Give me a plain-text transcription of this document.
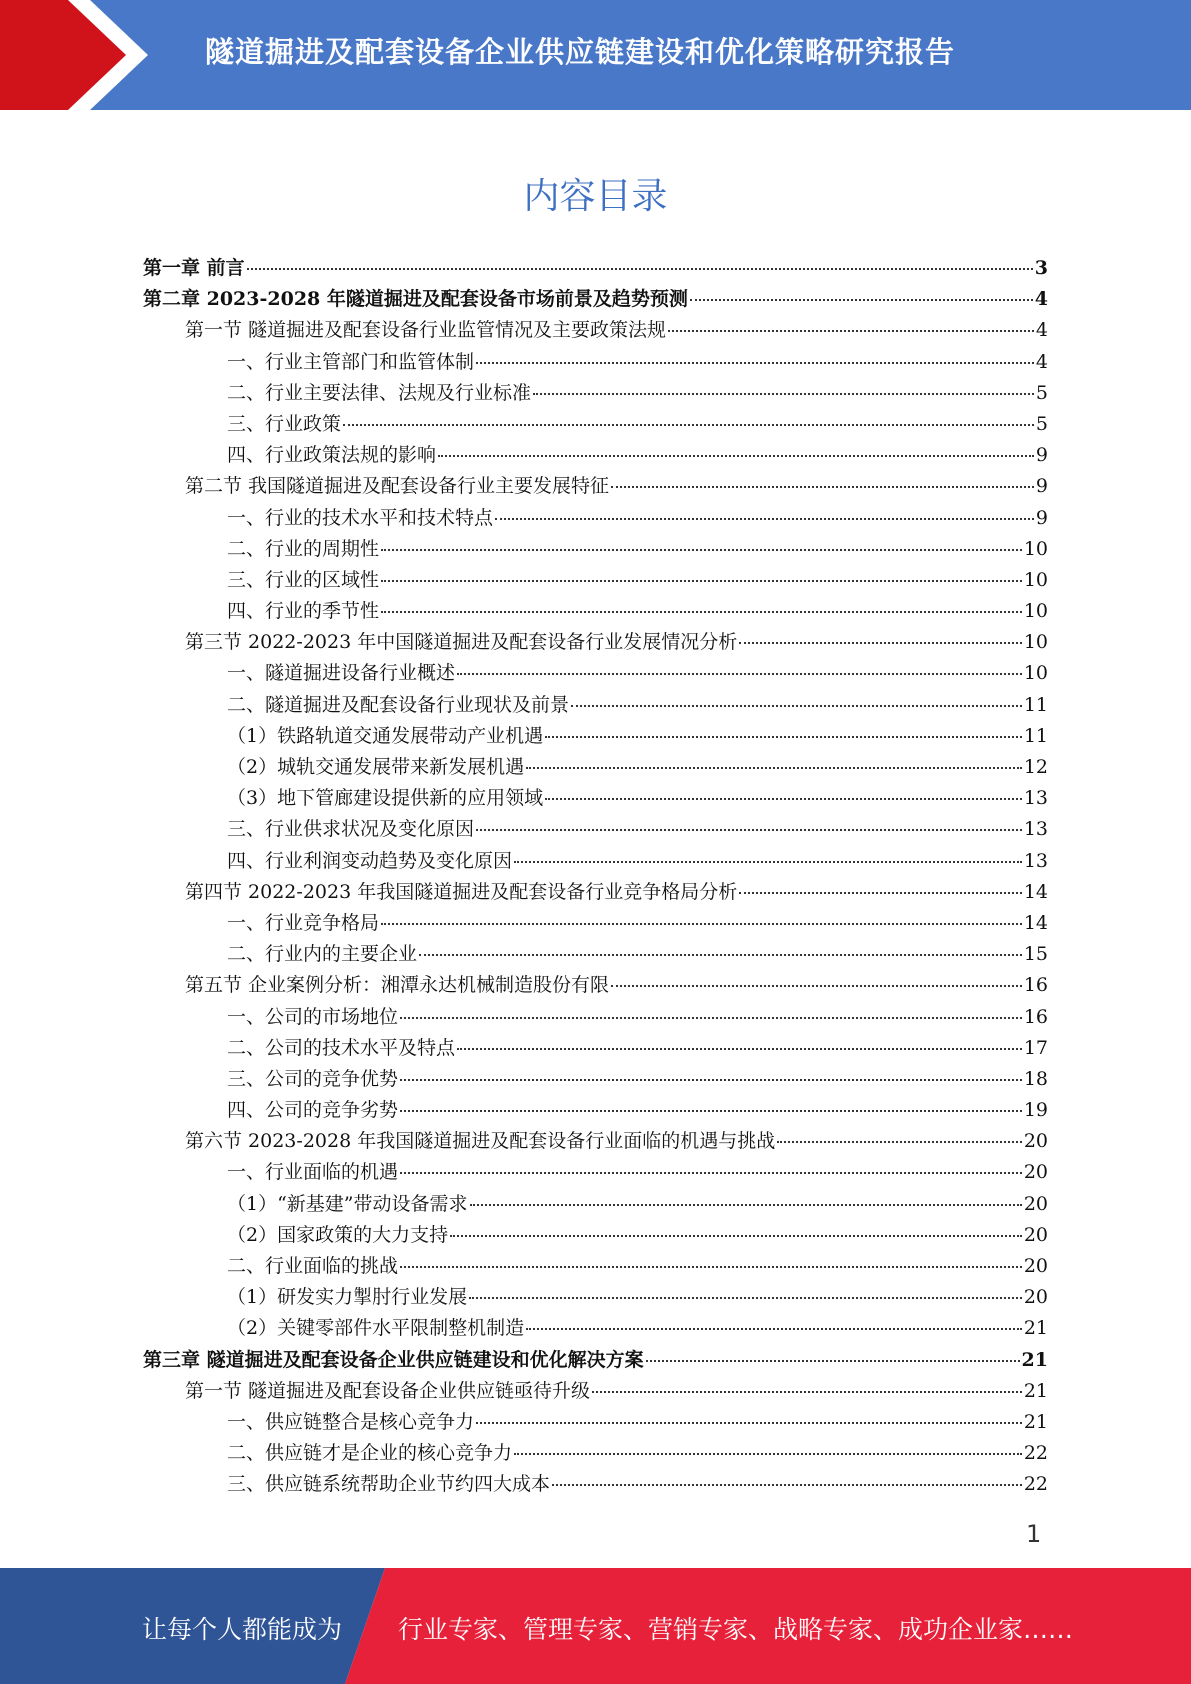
隧道掘进及配套设备企业供应链建设和优化策略研究报告
内容目录
第一章 前言	3
第二章 2023-2028 年隧道掘进及配套设备市场前景及趋势预测	4
第一节 隧道掘进及配套设备行业监管情况及主要政策法规	4
一、行业主管部门和监管体制	4
二、行业主要法律、法规及行业标准	5
三、行业政策	5
四、行业政策法规的影响	9
第二节 我国隧道掘进及配套设备行业主要发展特征	9
一、行业的技术水平和技术特点	9
二、行业的周期性	10
三、行业的区域性	10
四、行业的季节性	10
第三节 2022-2023 年中国隧道掘进及配套设备行业发展情况分析	10
一、隧道掘进设备行业概述	10
二、隧道掘进及配套设备行业现状及前景	11
（1）铁路轨道交通发展带动产业机遇	11
（2）城轨交通发展带来新发展机遇	12
（3）地下管廊建设提供新的应用领域	13
三、行业供求状况及变化原因	13
四、行业利润变动趋势及变化原因	13
第四节 2022-2023 年我国隧道掘进及配套设备行业竞争格局分析	14
一、行业竞争格局	14
二、行业内的主要企业	15
第五节 企业案例分析：湘潭永达机械制造股份有限	16
一、公司的市场地位	16
二、公司的技术水平及特点	17
三、公司的竞争优势	18
四、公司的竞争劣势	19
第六节 2023-2028 年我国隧道掘进及配套设备行业面临的机遇与挑战	20
一、行业面临的机遇	20
（1）“新基建”带动设备需求	20
（2）国家政策的大力支持	20
二、行业面临的挑战	20
（1）研发实力掣肘行业发展	20
（2）关键零部件水平限制整机制造	21
第三章 隧道掘进及配套设备企业供应链建设和优化解决方案	21
第一节 隧道掘进及配套设备企业供应链亟待升级	21
一、供应链整合是核心竞争力	21
二、供应链才是企业的核心竞争力	22
三、供应链系统帮助企业节约四大成本	22
1
让每个人都能成为 行业专家、管理专家、营销专家、战略专家、成功企业家……
